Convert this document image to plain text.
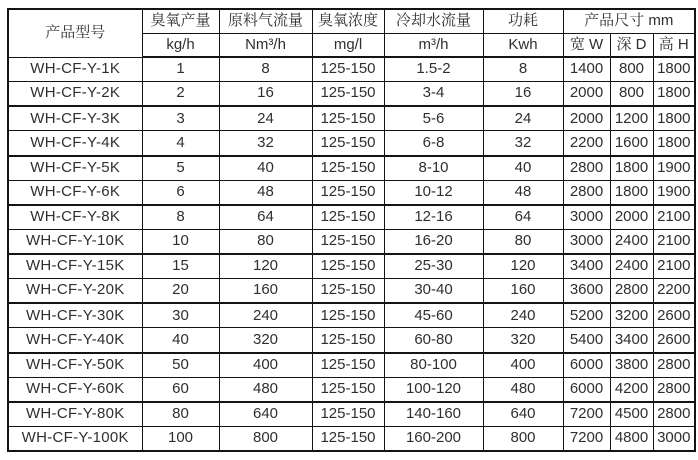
产品型号	臭氧产量	原料气流量	臭氧浓度	冷却水流量	功耗	产品尺寸 mm		
	kg/h	Nm³/h	mg/l	m³/h	Kwh	宽 W	深 D	高 H
WH-CF-Y-1K	1	8	125-150	1.5-2	8	1400	800	1800
WH-CF-Y-2K	2	16	125-150	3-4	16	2000	800	1800
WH-CF-Y-3K	3	24	125-150	5-6	24	2000	1200	1800
WH-CF-Y-4K	4	32	125-150	6-8	32	2200	1600	1800
WH-CF-Y-5K	5	40	125-150	8-10	40	2800	1800	1900
WH-CF-Y-6K	6	48	125-150	10-12	48	2800	1800	1900
WH-CF-Y-8K	8	64	125-150	12-16	64	3000	2000	2100
WH-CF-Y-10K	10	80	125-150	16-20	80	3000	2400	2100
WH-CF-Y-15K	15	120	125-150	25-30	120	3400	2400	2100
WH-CF-Y-20K	20	160	125-150	30-40	160	3600	2800	2200
WH-CF-Y-30K	30	240	125-150	45-60	240	5200	3200	2600
WH-CF-Y-40K	40	320	125-150	60-80	320	5400	3400	2600
WH-CF-Y-50K	50	400	125-150	80-100	400	6000	3800	2800
WH-CF-Y-60K	60	480	125-150	100-120	480	6000	4200	2800
WH-CF-Y-80K	80	640	125-150	140-160	640	7200	4500	2800
WH-CF-Y-100K	100	800	125-150	160-200	800	7200	4800	3000
